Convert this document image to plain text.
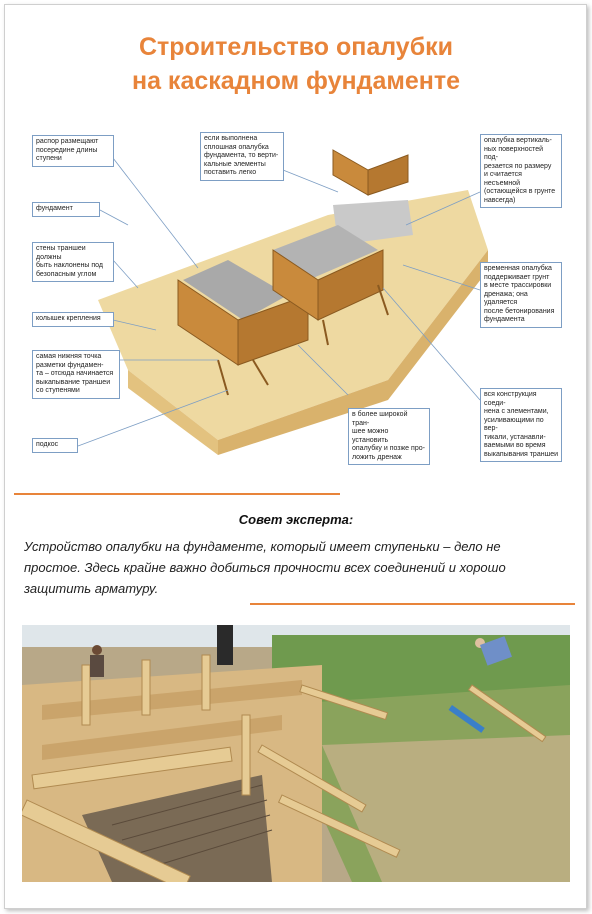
Строительство опалубки
на каскадном фундаменте
распор размещают
посередине длины
ступени
фундамент
стены траншеи должны
быть наклонены под
безопасным углом
колышек крепления
самая нижняя точка
разметки фундамен-
та – отсюда начинается
выкапывание траншеи
со ступенями
подкос
если выполнена
сплошная опалубка
фундамента, то верти-
кальные элементы
поставить легко
в более широкой тран-
шее можно установить
опалубку и позже про-
ложить дренаж
опалубка вертикаль-
ных поверхностей под-
резается по размеру
и считается несъемной
(остающейся в грунте
навсегда)
временная опалубка
поддерживает грунт
в месте трассировки
дренажа; она удаляется
после бетонирования
фундамента
вся конструкция соеди-
нена с элементами,
усиливающими по вер-
тикали, устанавли-
ваемыми во время
выкапывания траншеи
Совет эксперта:
Устройство опалубки на фундаменте, который имеет ступеньки – дело не
простое. Здесь крайне важно добиться прочности всех соединений и хорошо
защитить арматуру.
